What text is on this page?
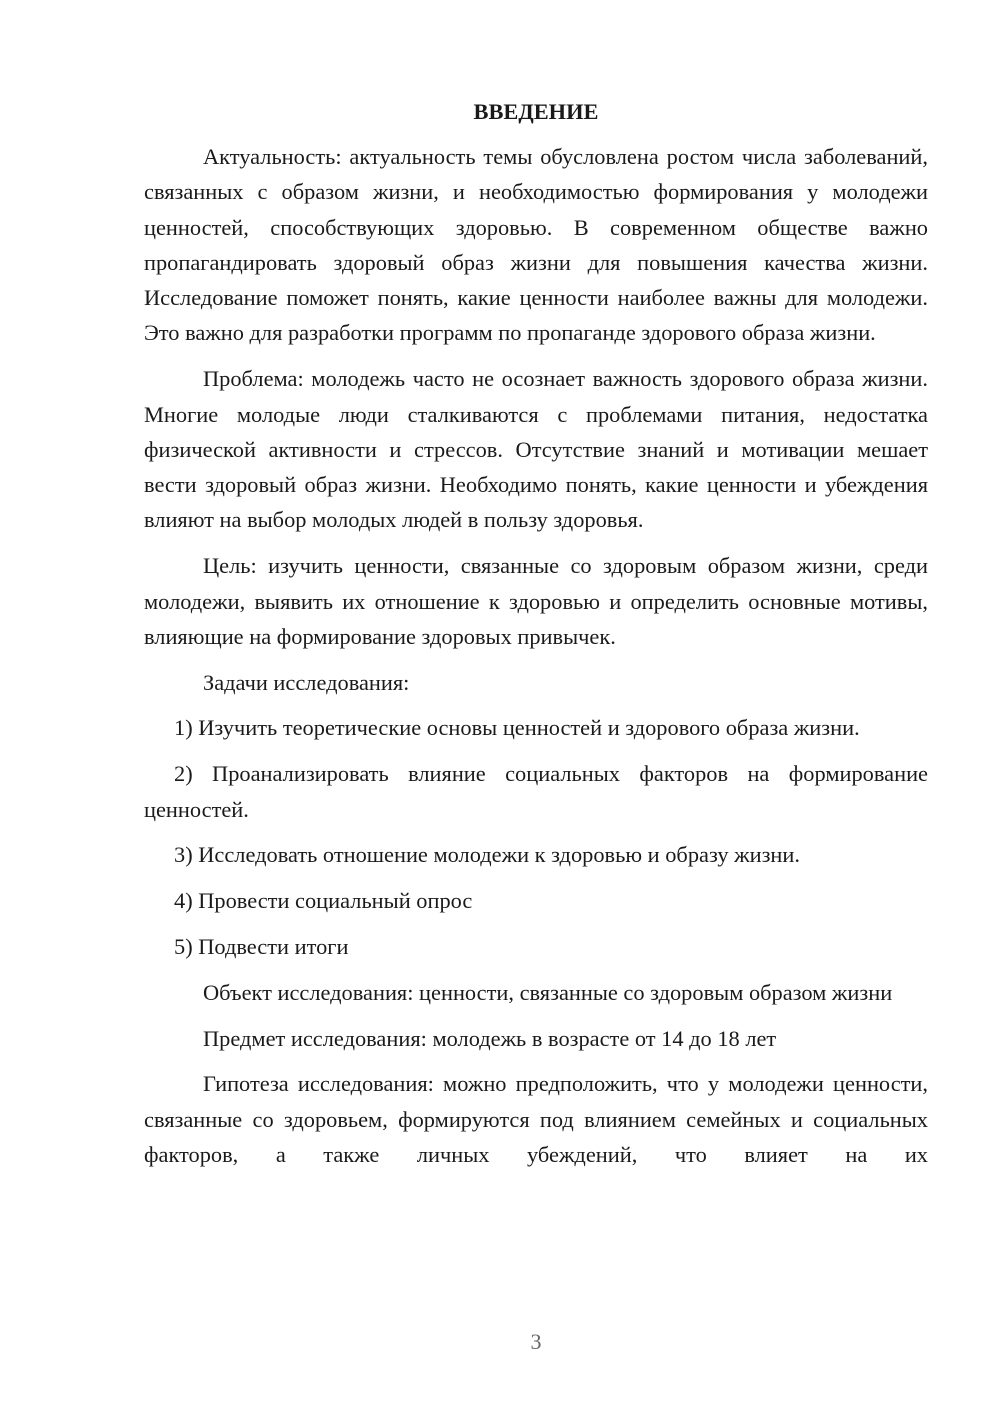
ВВЕДЕНИЕ

Актуальность: актуальность темы обусловлена ростом числа заболеваний, связанных с образом жизни, и необходимостью формирования у молодежи ценностей, способствующих здоровью. В современном обществе важно пропагандировать здоровый образ жизни для повышения качества жизни. Исследование поможет понять, какие ценности наиболее важны для молодежи. Это важно для разработки программ по пропаганде здорового образа жизни.

Проблема: молодежь часто не осознает важность здорового образа жизни. Многие молодые люди сталкиваются с проблемами питания, недостатка физической активности и стрессов. Отсутствие знаний и мотивации мешает вести здоровый образ жизни. Необходимо понять, какие ценности и убеждения влияют на выбор молодых людей в пользу здоровья.

Цель: изучить ценности, связанные со здоровым образом жизни, среди молодежи, выявить их отношение к здоровью и определить основные мотивы, влияющие на формирование здоровых привычек.

Задачи исследования:

1) Изучить теоретические основы ценностей и здорового образа жизни.

2) Проанализировать влияние социальных факторов на формирование ценностей.

3) Исследовать отношение молодежи к здоровью и образу жизни.

4) Провести социальный опрос

5) Подвести итоги

Объект исследования: ценности, связанные со здоровым образом жизни

Предмет исследования: молодежь в возрасте от 14 до 18 лет

Гипотеза исследования: можно предположить, что у молодежи ценности, связанные со здоровьем, формируются под влиянием семейных и социальных факторов, а также личных убеждений, что влияет на их

3
